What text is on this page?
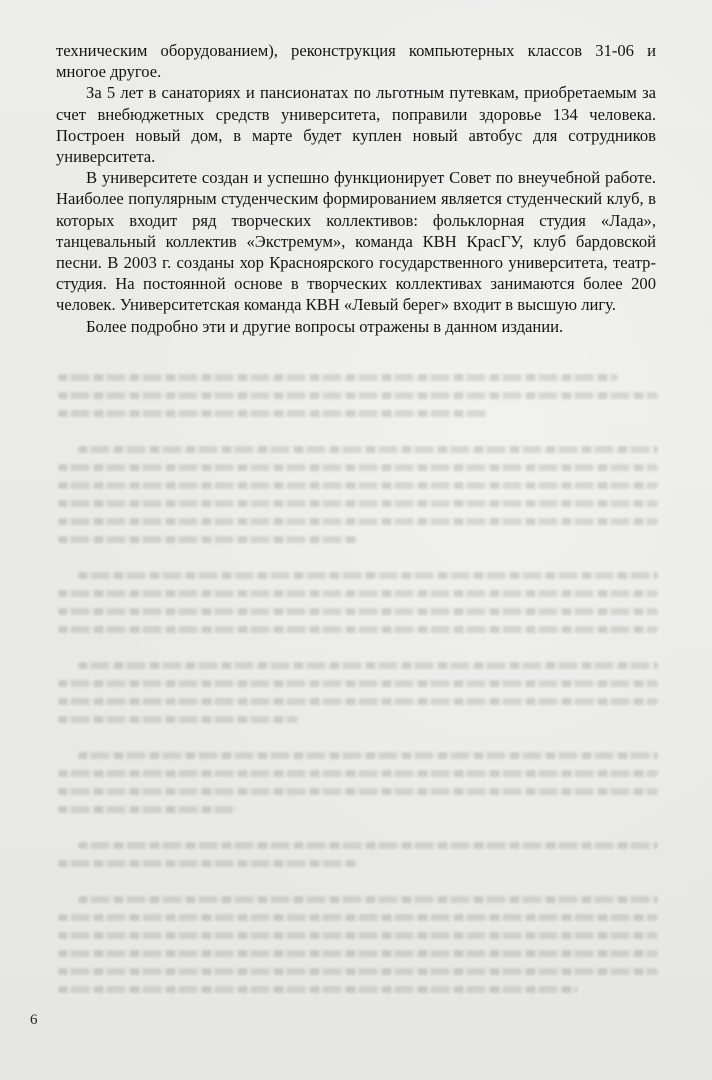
техническим оборудованием), реконструкция компьютерных классов 31-06 и многое другое.

За 5 лет в санаториях и пансионатах по льготным путевкам, приобретаемым за счет внебюджетных средств университета, поправили здоровье 134 человека. Построен новый дом, в марте будет куплен новый автобус для сотрудников университета.

В университете создан и успешно функционирует Совет по внеучебной работе. Наиболее популярным студенческим формированием является студенческий клуб, в которых входит ряд творческих коллективов: фольклорная студия «Лада», танцевальный коллектив «Экстремум», команда КВН КрасГУ, клуб бардовской песни. В 2003 г. созданы хор Красноярского государственного университета, театр-студия. На постоянной основе в творческих коллективах занимаются более 200 человек. Университетская команда КВН «Левый берег» входит в высшую лигу.

Более подробно эти и другие вопросы отражены в данном издании.

6
